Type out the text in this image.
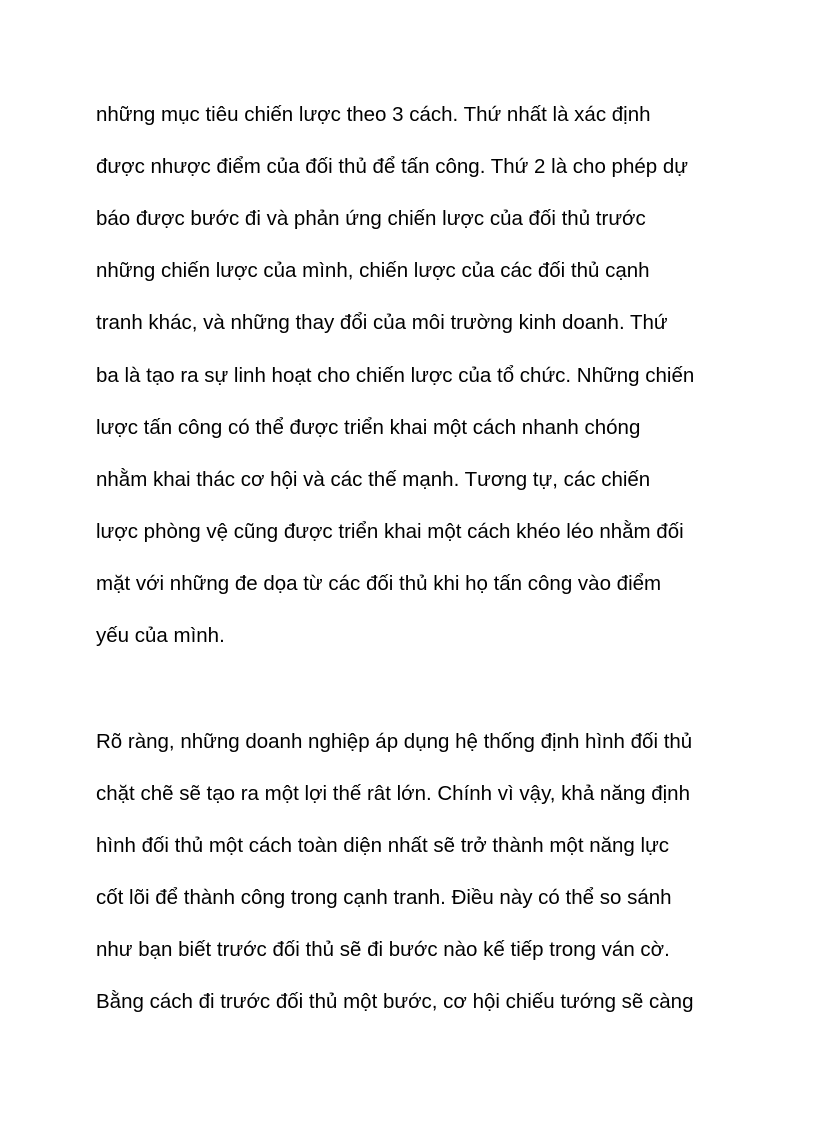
những mục tiêu chiến lược theo 3 cách. Thứ nhất là xác định

được nhược điểm của đối thủ để tấn công. Thứ 2 là cho phép dự

báo được bước đi và phản ứng chiến lược của đối thủ trước

những chiến lược của mình, chiến lược của các đối thủ cạnh

tranh khác, và những thay đổi của môi trường kinh doanh. Thứ

ba là tạo ra sự linh hoạt cho chiến lược của tổ chức. Những chiến

lược tấn công có thể được triển khai một cách nhanh chóng

nhằm khai thác cơ hội và các thế mạnh. Tương tự, các chiến

lược phòng vệ cũng được triển khai một cách khéo léo nhằm đối

mặt với những đe dọa từ các đối thủ khi họ tấn công vào điểm

yếu của mình.

Rõ ràng, những doanh nghiệp áp dụng hệ thống định hình đối thủ

chặt chẽ sẽ tạo ra một lợi thế rât lớn. Chính vì vậy, khả năng định

hình đối thủ một cách toàn diện nhất sẽ trở thành một năng lực

cốt lõi để thành công trong cạnh tranh. Điều này có thể so sánh

như bạn biết trước đối thủ sẽ đi bước nào kế tiếp trong ván cờ.

Bằng cách đi trước đối thủ một bước, cơ hội chiếu tướng sẽ càng
